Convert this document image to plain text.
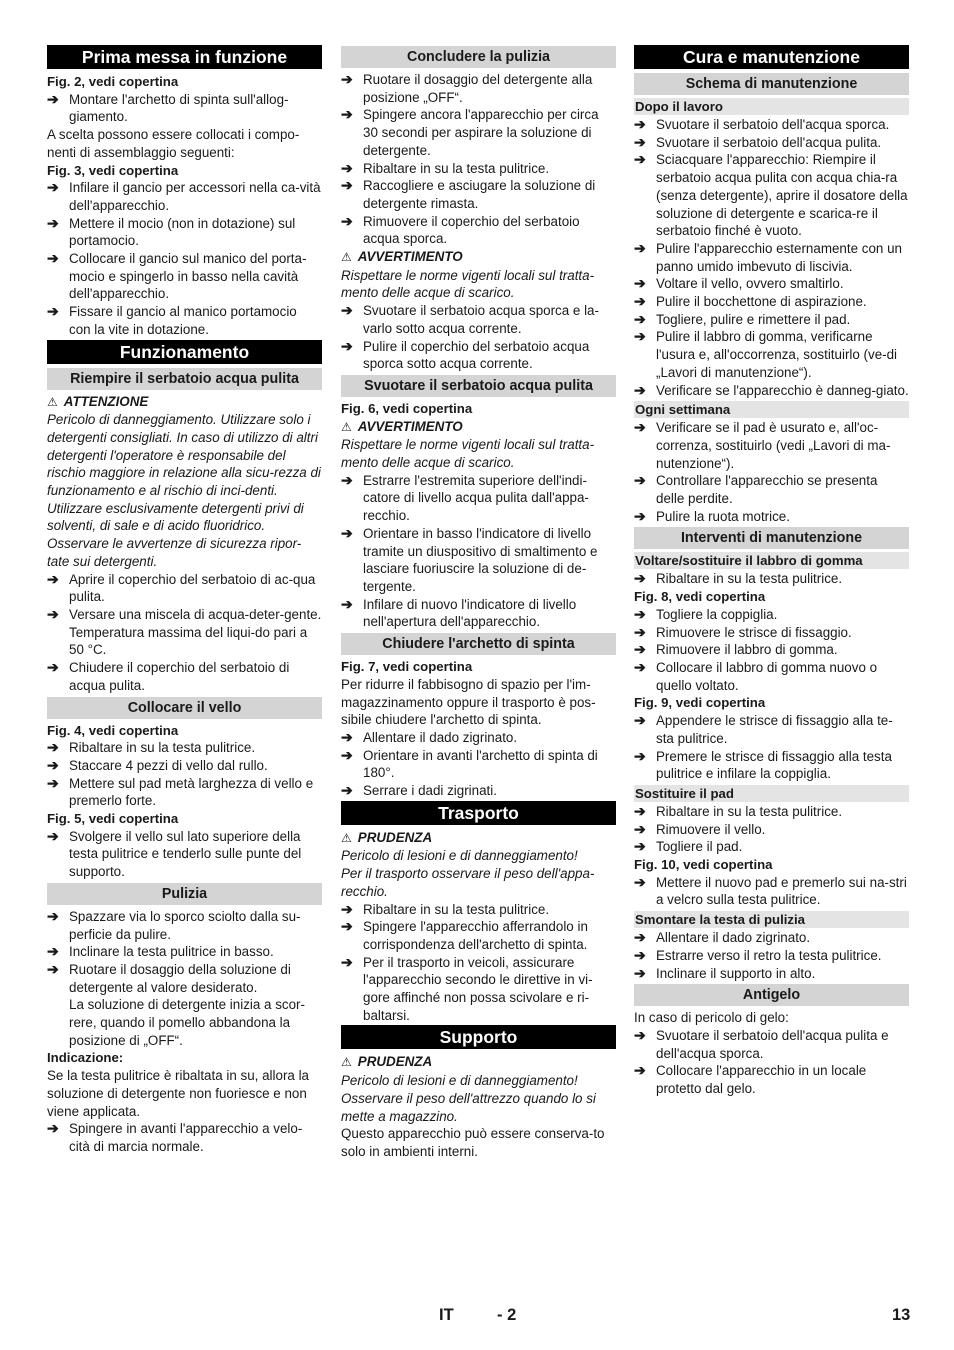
Prima messa in funzione
Fig. 2, vedi copertina
➔ Montare l'archetto di spinta sull'allog-giamento.

A scelta possono essere collocati i compo-nenti di assemblaggio seguenti:

Fig. 3, vedi copertina
➔ Infilare il gancio per accessori nella ca-vità dell'apparecchio.
➔ Mettere il mocio (non in dotazione) sul portamocio.
➔ Collocare il gancio sul manico del porta-mocio e spingerlo in basso nella cavità dell'apparecchio.
➔ Fissare il gancio al manico portamocio con la vite in dotazione.
Funzionamento
Riempire il serbatoio acqua pulita
⚠ ATTENZIONE

Pericolo di danneggiamento. Utilizzare solo i detergenti consigliati. In caso di utilizzo di altri detergenti l'operatore è responsabile del rischio maggiore in relazione alla sicu-rezza di funzionamento e al rischio di inci-denti. Utilizzare esclusivamente detergenti privi di solventi, di sale e di acido fluoridrico.

Osservare le avvertenze di sicurezza ripor-tate sui detergenti.

➔ Aprire il coperchio del serbatoio di ac-qua pulita.
➔ Versare una miscela di acqua-deter-gente. Temperatura massima del liqui-do pari a 50 °C.
➔ Chiudere il coperchio del serbatoio di acqua pulita.
Collocare il vello
Fig. 4, vedi copertina
➔ Ribaltare in su la testa pulitrice.
➔ Staccare 4 pezzi di vello dal rullo.
➔ Mettere sul pad metà larghezza di vello e premerlo forte.
Fig. 5, vedi copertina
➔ Svolgere il vello sul lato superiore della testa pulitrice e tenderlo sulle punte del supporto.
Pulizia
➔ Spazzare via lo sporco sciolto dalla su-perficie da pulire.
➔ Inclinare la testa pulitrice in basso.
➔ Ruotare il dosaggio della soluzione di detergente al valore desiderato.
La soluzione di detergente inizia a scor-rere, quando il pomello abbandona la posizione di „OFF“.
Indicazione:

Se la testa pulitrice è ribaltata in su, allora la soluzione di detergente non fuoriesce e non viene applicata.

➔ Spingere in avanti l'apparecchio a velo-cità di marcia normale.
Concludere la pulizia
➔ Ruotare il dosaggio del detergente alla posizione „OFF“.
➔ Spingere ancora l'apparecchio per circa 30 secondi per aspirare la soluzione di detergente.
➔ Ribaltare in su la testa pulitrice.
➔ Raccogliere e asciugare la soluzione di detergente rimasta.
➔ Rimuovere il coperchio del serbatoio acqua sporca.
⚠ AVVERTIMENTO

Rispettare le norme vigenti locali sul tratta-mento delle acque di scarico.

➔ Svuotare il serbatoio acqua sporca e la-varlo sotto acqua corrente.
➔ Pulire il coperchio del serbatoio acqua sporca sotto acqua corrente.
Svuotare il serbatoio acqua pulita
Fig. 6, vedi copertina
⚠ AVVERTIMENTO

Rispettare le norme vigenti locali sul tratta-mento delle acque di scarico.

➔ Estrarre l'estremita superiore dell'indi-catore di livello acqua pulita dall'appa-recchio.
➔ Orientare in basso l'indicatore di livello tramite un diuspositivo di smaltimento e lasciare fuoriuscire la soluzione di de-tergente.
➔ Infilare di nuovo l'indicatore di livello nell'apertura dell'apparecchio.
Chiudere l'archetto di spinta
Fig. 7, vedi copertina

Per ridurre il fabbisogno di spazio per l'im-magazzinamento oppure il trasporto è pos-sibile chiudere l'archetto di spinta.

➔ Allentare il dado zigrinato.
➔ Orientare in avanti l'archetto di spinta di 180°.
➔ Serrare i dadi zigrinati.
Trasporto
⚠ PRUDENZA

Pericolo di lesioni e di danneggiamento!

Per il trasporto osservare il peso dell'appa-recchio.

➔ Ribaltare in su la testa pulitrice.
➔ Spingere l'apparecchio afferrandolo in corrispondenza dell'archetto di spinta.
➔ Per il trasporto in veicoli, assicurare l'apparecchio secondo le direttive in vi-gore affinché non possa scivolare e ri-baltarsi.
Supporto
⚠ PRUDENZA

Pericolo di lesioni e di danneggiamento!

Osservare il peso dell'attrezzo quando lo si mette a magazzino.

Questo apparecchio può essere conserva-to solo in ambienti interni.

Cura e manutenzione
Schema di manutenzione
Dopo il lavoro
➔ Svuotare il serbatoio dell'acqua sporca.
➔ Svuotare il serbatoio dell'acqua pulita.
➔ Sciacquare l'apparecchio: Riempire il serbatoio acqua pulita con acqua chia-ra (senza detergente), aprire il dosatore della soluzione di detergente e scarica-re il serbatoio finché è vuoto.
➔ Pulire l'apparecchio esternamente con un panno umido imbevuto di liscivia.
➔ Voltare il vello, ovvero smaltirlo.
➔ Pulire il bocchettone di aspirazione.
➔ Togliere, pulire e rimettere il pad.
➔ Pulire il labbro di gomma, verificarne l'usura e, all'occorrenza, sostituirlo (ve-di „Lavori di manutenzione“).
➔ Verificare se l'apparecchio è danneg-giato.
Ogni settimana
➔ Verificare se il pad è usurato e, all'oc-correnza, sostituirlo (vedi „Lavori di ma-nutenzione“).
➔ Controllare l'apparecchio se presenta delle perdite.
➔ Pulire la ruota motrice.
Interventi di manutenzione
Voltare/sostituire il labbro di gomma
➔ Ribaltare in su la testa pulitrice.
Fig. 8, vedi copertina
➔ Togliere la coppiglia.
➔ Rimuovere le strisce di fissaggio.
➔ Rimuovere il labbro di gomma.
➔ Collocare il labbro di gomma nuovo o quello voltato.
Fig. 9, vedi copertina
➔ Appendere le strisce di fissaggio alla te-sta pulitrice.
➔ Premere le strisce di fissaggio alla testa pulitrice e infilare la coppiglia.
Sostituire il pad
➔ Ribaltare in su la testa pulitrice.
➔ Rimuovere il vello.
➔ Togliere il pad.
Fig. 10, vedi copertina
➔ Mettere il nuovo pad e premerlo sui na-stri a velcro sulla testa pulitrice.
Smontare la testa di pulizia
➔ Allentare il dado zigrinato.
➔ Estrarre verso il retro la testa pulitrice.
➔ Inclinare il supporto in alto.
Antigelo

In caso di pericolo di gelo:

➔ Svuotare il serbatoio dell'acqua pulita e dell'acqua sporca.
➔ Collocare l'apparecchio in un locale protetto dal gelo.
IT	- 2	13
